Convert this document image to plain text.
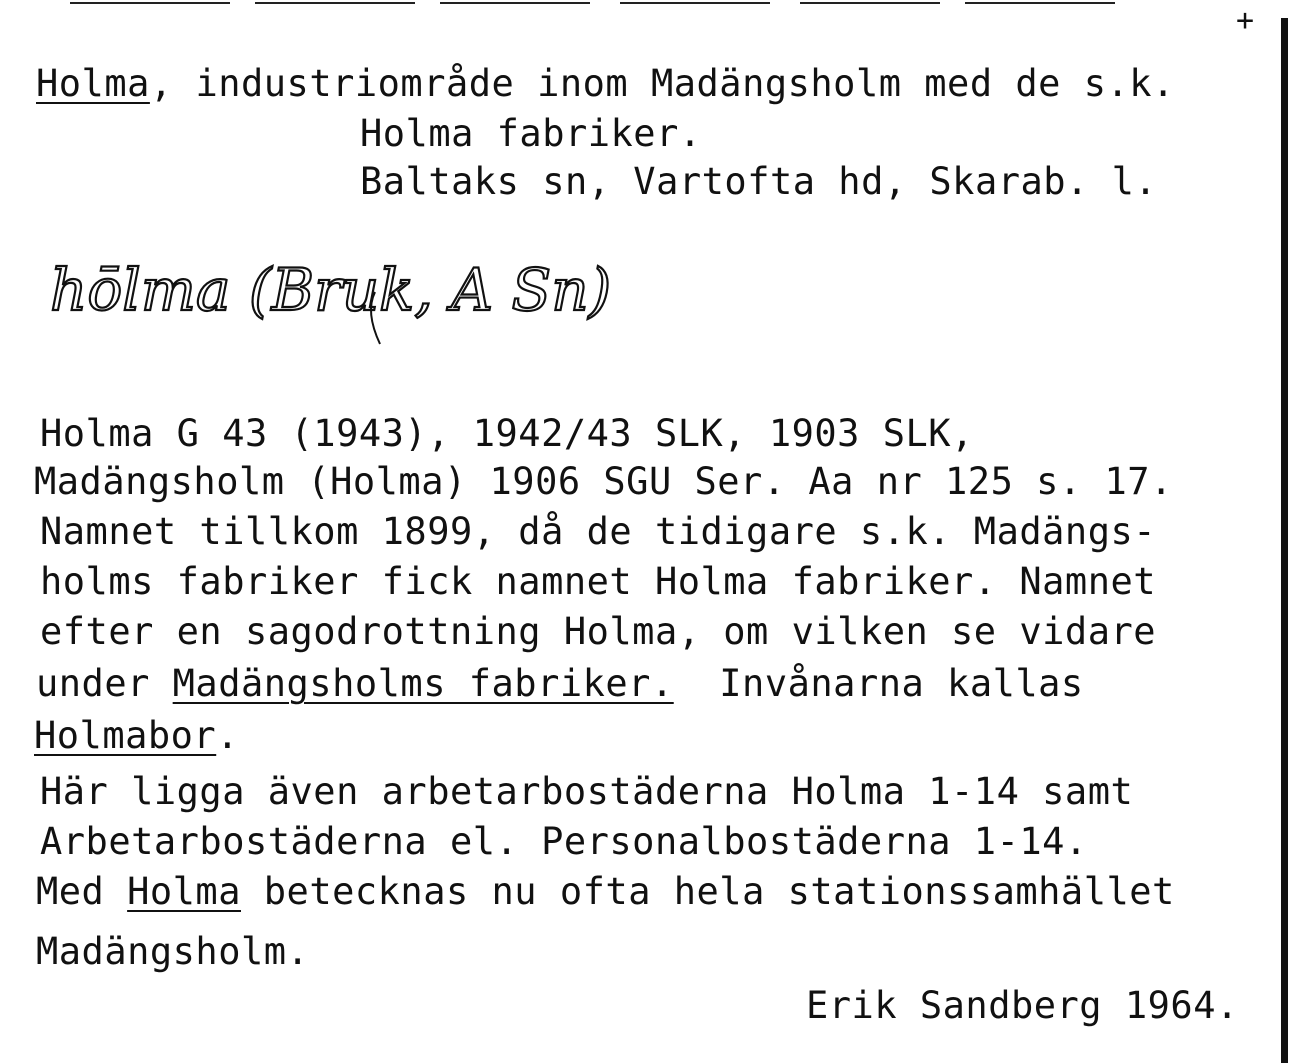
+
Holma, industriområde inom Madängsholm med de s.k.
Holma fabriker.
Baltaks sn, Vartofta hd, Skarab. l.
hōlma (Bruk, A Sn)
Holma G 43 (1943), 1942/43 SLK, 1903 SLK,
Madängsholm (Holma) 1906 SGU Ser. Aa nr 125 s. 17.
Namnet tillkom 1899, då de tidigare s.k. Madängs-
holms fabriker fick namnet Holma fabriker. Namnet
efter en sagodrottning Holma, om vilken se vidare
under Madängsholms fabriker.  Invånarna kallas
Holmabor.
Här ligga även arbetarbostäderna Holma 1-14 samt
Arbetarbostäderna el. Personalbostäderna 1-14.
Med Holma betecknas nu ofta hela stationssamhället
Madängsholm.
Erik Sandberg 1964.
